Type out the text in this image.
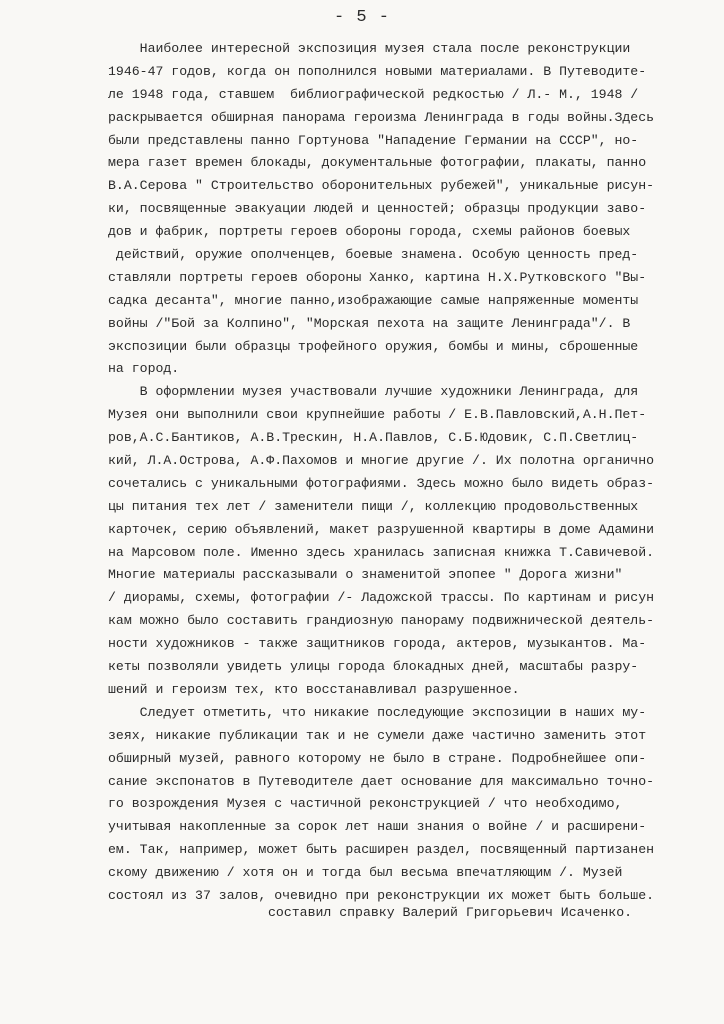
- 5 -
Наиболее интересной экспозиция музея стала после реконструкции
1946-47 годов, когда он пополнился новыми материалами. В Путеводите-
ле 1948 года, ставшем  библиографической редкостью / Л.- М., 1948 /
раскрывается обширная панорама героизма Ленинграда в годы войны.Здесь
были представлены панно Гортунова "Нападение Германии на СССР", но-
мера газет времен блокады, документальные фотографии, плакаты, панно
В.А.Серова " Строительство оборонительных рубежей", уникальные рисун-
ки, посвященные эвакуации людей и ценностей; образцы продукции заво-
дов и фабрик, портреты героев обороны города, схемы районов боевых
действий, оружие ополченцев, боевые знамена. Особую ценность пред-
ставляли портреты героев обороны Ханко, картина Н.Х.Рутковского "Вы-
садка десанта", многие панно,изображающие самые напряженные моменты
войны /"Бой за Колпино", "Морская пехота на защите Ленинграда"/. В
экспозиции были образцы трофейного оружия, бомбы и мины, сброшенные
на город.
В оформлении музея участвовали лучшие художники Ленинграда, для
Музея они выполнили свои крупнейшие работы / Е.В.Павловский,А.Н.Пет-
ров,А.С.Бантиков, А.В.Трескин, Н.А.Павлов, С.Б.Юдовик, С.П.Светлиц-
кий, Л.А.Острова, А.Ф.Пахомов и многие другие /. Их полотна органично
сочетались с уникальными фотографиями. Здесь можно было видеть образ-
цы питания тех лет / заменители пищи /, коллекцию продовольственных
карточек, серию объявлений, макет разрушенной квартиры в доме Адамини
на Марсовом поле. Именно здесь хранилась записная книжка Т.Савичевой.
Многие материалы рассказывали о знаменитой эпопее " Дорога жизни"
/ диорамы, схемы, фотографии /- Ладожской трассы. По картинам и рисун
кам можно было составить грандиозную панораму подвижнической деятель-
ности художников - также защитников города, актеров, музыкантов. Ма-
кеты позволяли увидеть улицы города блокадных дней, масштабы разру-
шений и героизм тех, кто восстанавливал разрушенное.
Следует отметить, что никакие последующие экспозиции в наших му-
зеях, никакие публикации так и не сумели даже частично заменить этот
обширный музей, равного которому не было в стране. Подробнейшее опи-
сание экспонатов в Путеводителе дает основание для максимально точно-
го возрождения Музея с частичной реконструкцией / что необходимо,
учитывая накопленные за сорок лет наши знания о войне / и расширени-
ем. Так, например, может быть расширен раздел, посвященный партизанен
скому движению / хотя он и тогда был весьма впечатляющим /. Музей
состоял из 37 залов, очевидно при реконструкции их может быть больше.
составил справку Валерий Григорьевич Исаченко.
